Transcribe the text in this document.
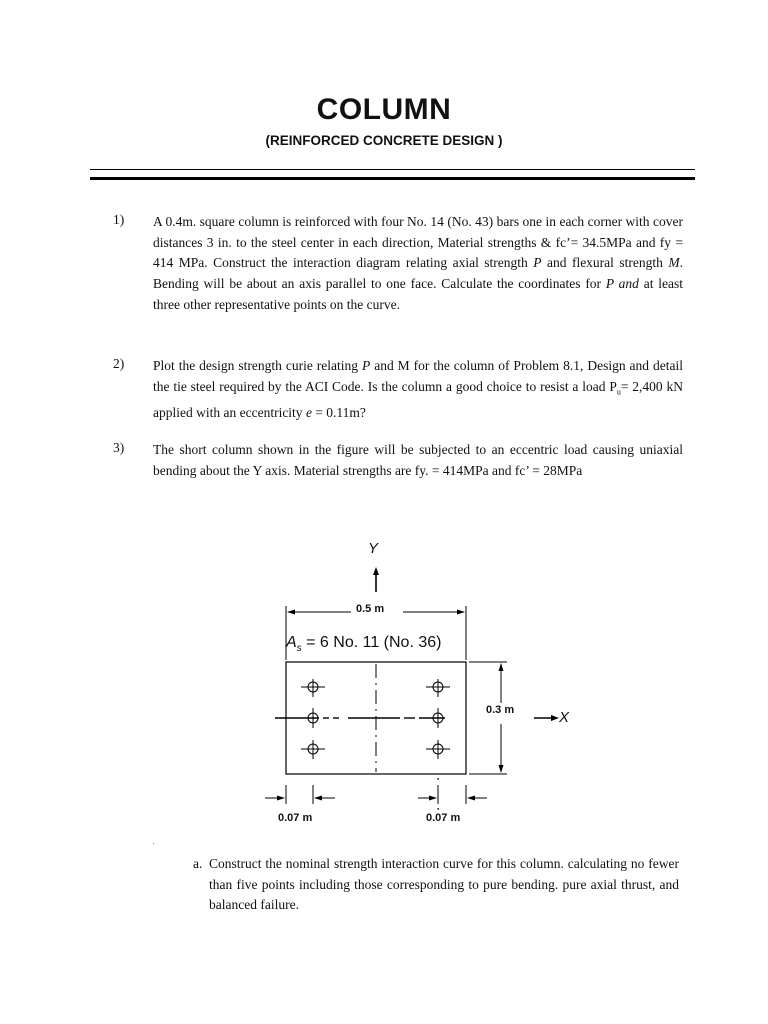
COLUMN
(REINFORCED CONCRETE DESIGN )
1) A 0.4m. square column is reinforced with four No. 14 (No. 43) bars one in each corner with cover distances 3 in. to the steel center in each direction, Material strengths & fc’= 34.5MPa and fy = 414 MPa. Construct the interaction diagram relating axial strength P and flexural strength M. Bending will be about an axis parallel to one face. Calculate the coordinates for P and at least three other representative points on the curve.
2) Plot the design strength curie relating P and M for the column of Problem 8.1, Design and detail the tie steel required by the ACI Code. Is the column a good choice to resist a load $P_u= 2,400$ kN applied with an eccentricity e = 0.11m?
3) The short column shown in the figure will be subjected to an eccentric load causing uniaxial bending about the Y axis. Material strengths are fy. = 414MPa and fc’ = 28MPa
Y
0.5 m
$A_s = 6$ No. 11 (No. 36)
0.3 m	X
0.07 m	0.07 m
a. Construct the nominal strength interaction curve for this column. calculating no fewer than five points including those corresponding to pure bending. pure axial thrust, and balanced failure.
